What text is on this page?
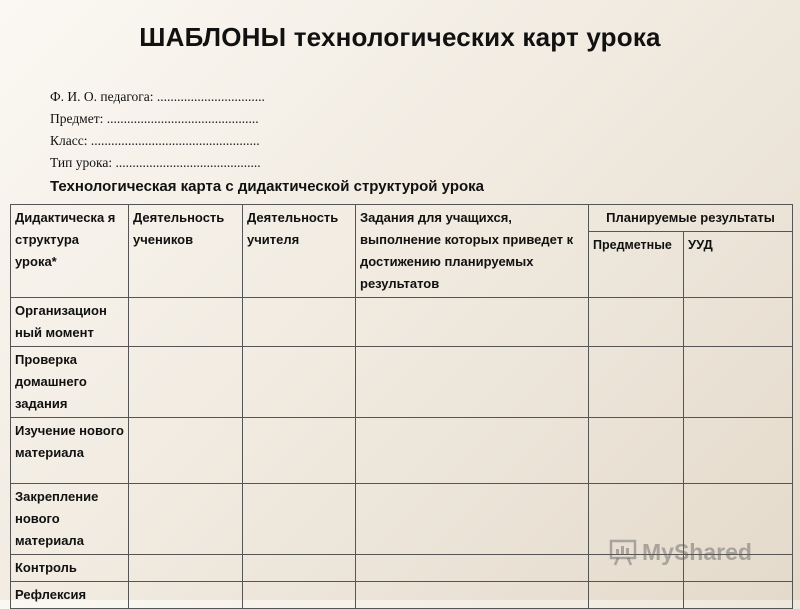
ШАБЛОНЫ технологических карт урока
Ф. И. О. педагога: ................................
Предмет: .............................................
Класс: ..................................................
Тип урока: ...........................................
Технологическая карта с дидактической структурой урока
Дидактическа я структура урока*	Деятельность учеников	Деятельность учителя	Задания для учащихся, выполнение которых приведет к достижению планируемых результатов	Планируемые результаты	
				Предметные	УУД
Организацион ный момент					
Проверка домашнего задания					
Изучение нового материала					
Закрепление нового материала					
Контроль					
Рефлексия					
MyShared
